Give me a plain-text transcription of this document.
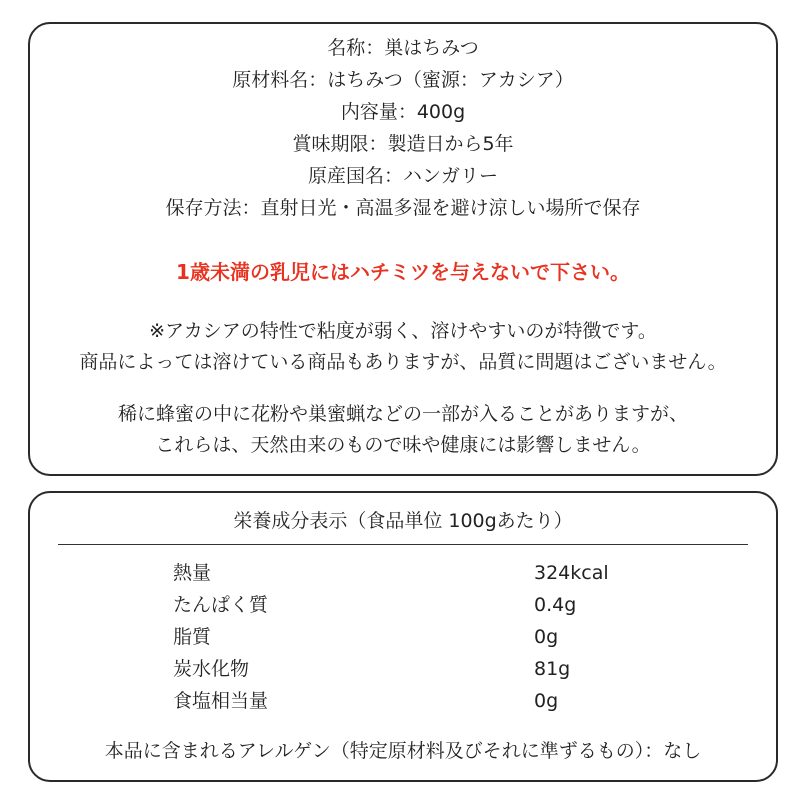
名称：巣はちみつ
原材料名：はちみつ（蜜源：アカシア）
内容量：400g
賞味期限：製造日から5年
原産国名：ハンガリー
保存方法：直射日光・高温多湿を避け涼しい場所で保存
1歳未満の乳児にはハチミツを与えないで下さい。
※アカシアの特性で粘度が弱く、溶けやすいのが特徴です。
商品によっては溶けている商品もありますが、品質に問題はございません。
稀に蜂蜜の中に花粉や巣蜜蝋などの一部が入ることがありますが、
これらは、天然由来のもので味や健康には影響しません。
栄養成分表示（食品単位 100gあたり）
熱量	324kcal
たんぱく質	0.4g
脂質	0g
炭水化物	81g
食塩相当量	0g
本品に含まれるアレルゲン（特定原材料及びそれに準ずるもの）：なし
